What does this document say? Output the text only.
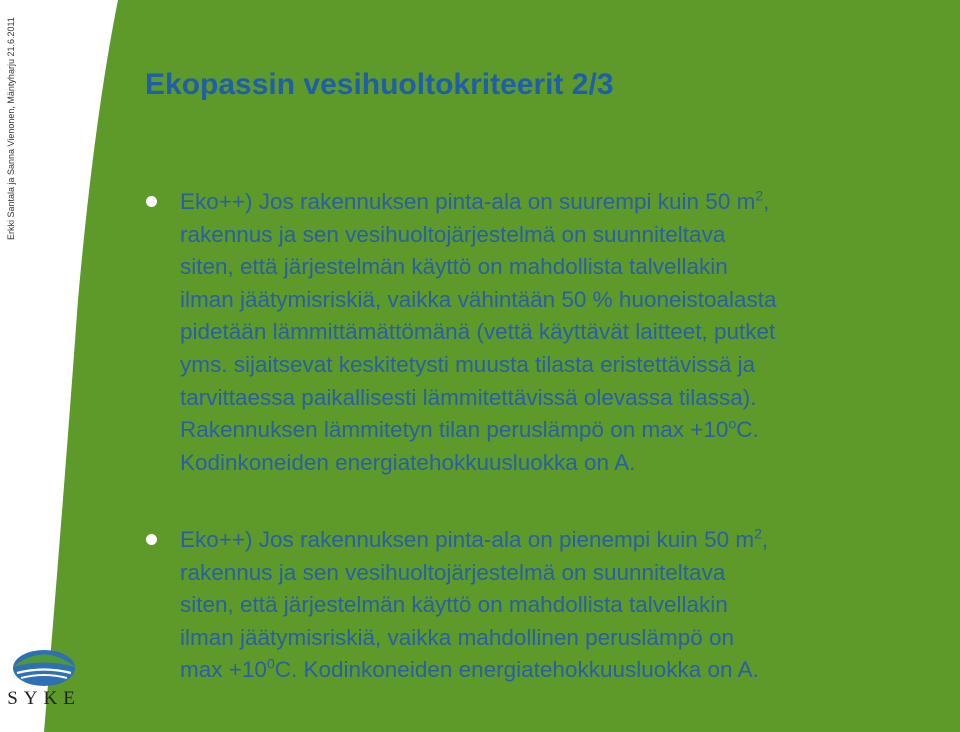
Erkki Santala ja Sanna Vienonen, Mäntyharju 21.6.2011	Ekopassin vesihuoltokriteerit 2/3
Eko++) Jos rakennuksen pinta-ala on suurempi kuin 50 $m^2$,
rakennus ja sen vesihuoltojärjestelmä on suunniteltava
siten, että järjestelmän käyttö on mahdollista talvellakin
ilman jäätymisriskiä, vaikka vähintään 50 % huoneistoalasta
pidetään lämmittämättömänä (vettä käyttävät laitteet, putket
yms. sijaitsevat keskitetysti muusta tilasta eristettävissä ja
tarvittaessa paikallisesti lämmitettävissä olevassa tilassa).
Rakennuksen lämmitetyn tilan peruslämpö on $\max +10^oC$.
Kodinkoneiden energiatehokkuusluokka on A.
Eko++) Jos rakennuksen pinta-ala on pienempi kuin 50 $m^2$,
rakennus ja sen vesihuoltojärjestelmä on suunniteltava
siten, että järjestelmän käyttö on mahdollista talvellakin
ilman jäätymisriskiä, vaikka mahdollinen peruslämpö on
$\max +10^0C$. Kodinkoneiden energiatehokkuusluokka on A.
SYKE
